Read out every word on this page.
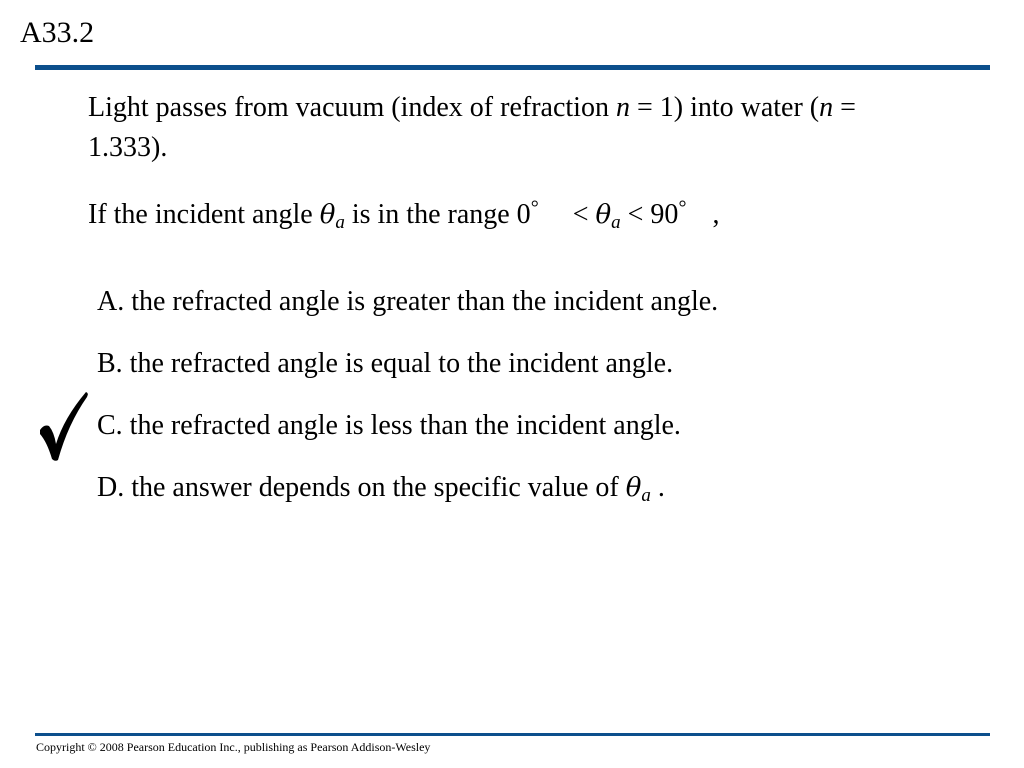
A33.2

Light passes from vacuum (index of refraction n = 1) into water (n = 1.333).

If the incident angle $\theta_a$ is in the range $0^\circ < \theta_a < 90^\circ$ ,
A. the refracted angle is greater than the incident angle.
B. the refracted angle is equal to the incident angle.
C. the refracted angle is less than the incident angle.
D. the answer depends on the specific value of $\theta_a$ .
Copyright © 2008 Pearson Education Inc., publishing as Pearson Addison-Wesley
